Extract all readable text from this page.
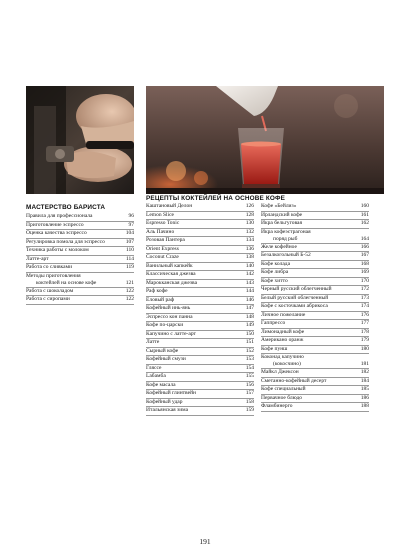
МАСТЕРСТВО БАРИСТА
Правила для профессионала	96
Приготовление эспрессо	97
Оценка качества эспрессо	104
Регулировка помола для эспрессо	107
Техника работы с молоком	110
Латте-арт	114
Работа со сливками	119
Методы приготовления
коктейлей на основе кофе	121
Работа с шоколадом	122
Работа с сиропами	122
РЕЦЕПТЫ КОКТЕЙЛЕЙ НА ОСНОВЕ КОФЕ
Каштановый Делон	126
Lemon Slice	128
Espresso Tonic	130
Аль Пачино	132
Розовая Пантера	134
Orient Express	136
Coconut Craze	138
Ванильный капкейк	140
Классическая джезва	142
Марокканская джезва	143
Раф кофе	144
Еловый раф	146
Кофейный инь-янь	147
Эспрессо кон панна	148
Кофе по-царски	149
Капучино с латте-арт	150
Латте	151
Сырный кофе	152
Кофейный смузи	153
Гляссе	154
Lабамба	155
Кофе масала	156
Кофейный глинтвейн	157
Кофейный удар	158
Итальянская зима	159
Кофе «Бейлиз»	160
Ирландский кофе	161
Икра бельгуговая	162
Икра кофеэстрагоная
поряд рыб	164
Желе кофейное	166
Безалкогольный Б-52	167
Кофе колада	168
Кофе либра	169
Кофе хитто	170
Черный русский облегченный	172
Белый русский облегченный	173
Кофе с косточками абрикоса	174
Личное пожелание	176
Гаппрессо	177
Лимонадный кофе	178
Американо оранж	179
Кофе пунш	180
Коконад капучино
(кокосчино)	181
Майкл Джексон	182
Сметанно-кофейный десерт	184
Кофе специальный	185
Первачное блюдо	186
Фламбинерго	188
191
